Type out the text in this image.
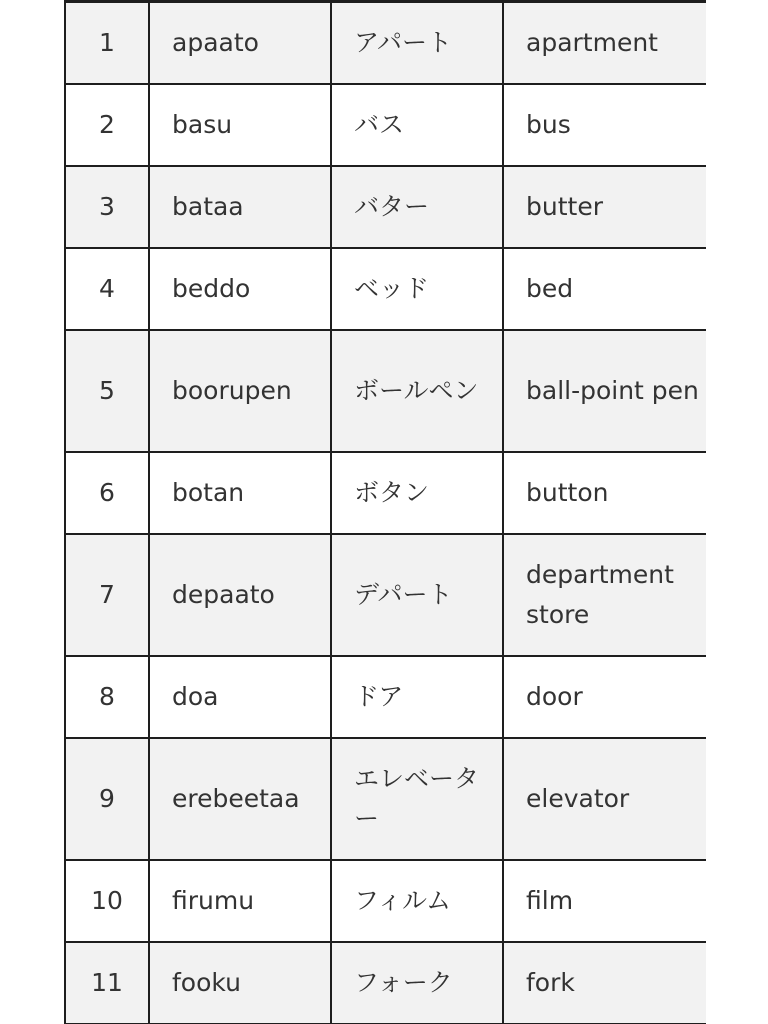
1	apaato	アパート	apartment
2	basu	バス	bus
3	bataa	バター	butter
4	beddo	ベッド	bed
5	boorupen	ボールペン	ball-point pen
6	botan	ボタン	button
7	depaato	デパート	department store
8	doa	ドア	door
9	erebeetaa	エレベーター	elevator
10	firumu	フィルム	film
11	fooku	フォーク	fork
